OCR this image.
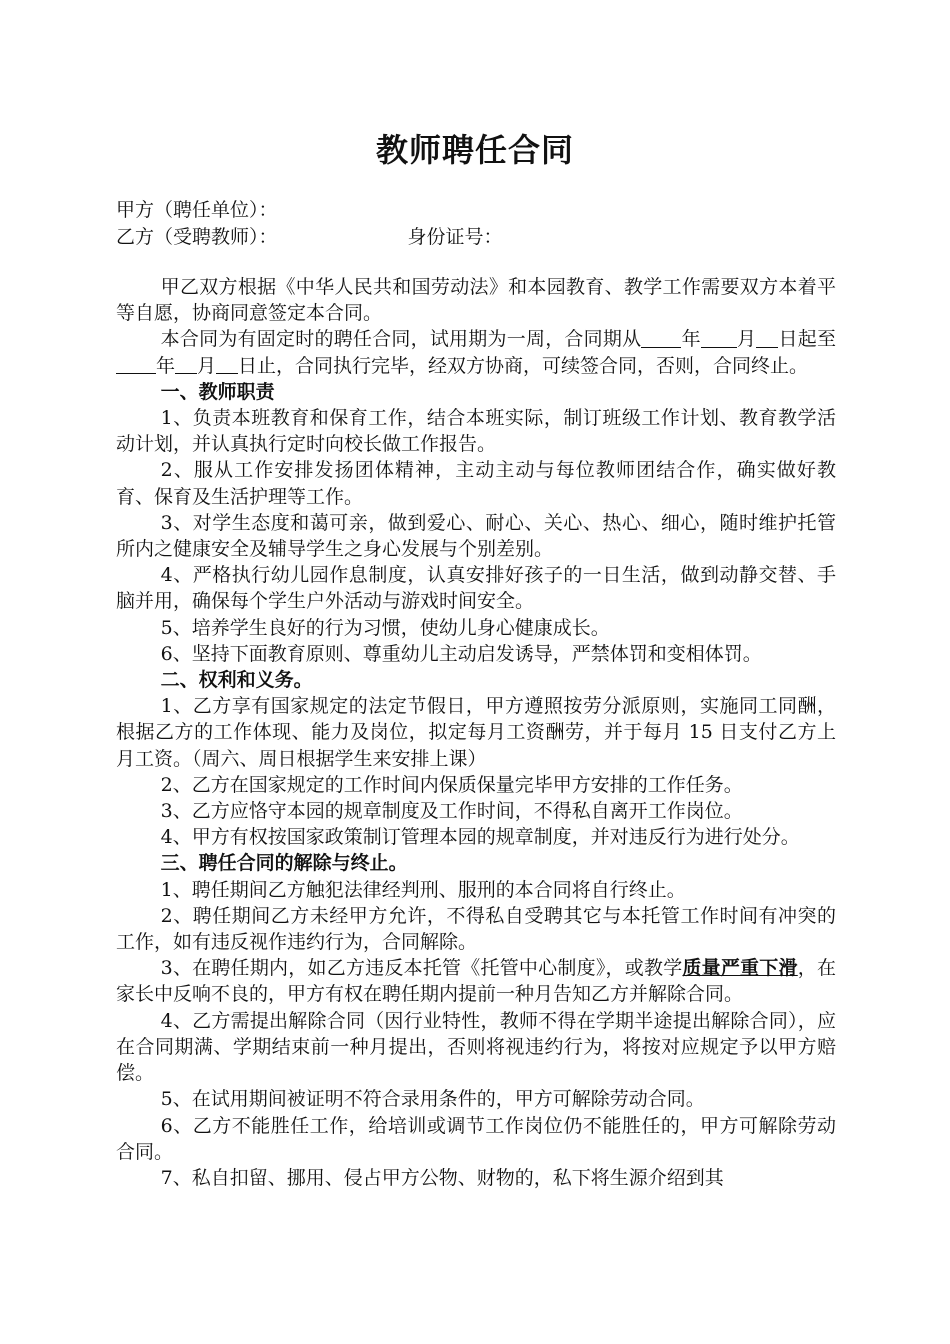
教师聘任合同
甲方（聘任单位）：
乙方（受聘教师）：	身份证号：

甲乙双方根据《中华人民共和国劳动法》和本园教育、教学工作需要双方本着平等自愿，协商同意签定本合同。

本合同为有固定时的聘任合同，试用期为一周，合同期从 年 月 日起至年 月 日止，合同执行完毕，经双方协商，可续签合同，否则，合同终止。

一、教师职责

1、负责本班教育和保育工作，结合本班实际，制订班级工作计划、教育教学活动计划，并认真执行定时向校长做工作报告。

2、服从工作安排发扬团体精神，主动主动与每位教师团结合作，确实做好教育、保育及生活护理等工作。

3、对学生态度和蔼可亲，做到爱心、耐心、关心、热心、细心，随时维护托管所内之健康安全及辅导学生之身心发展与个别差别。

4、严格执行幼儿园作息制度，认真安排好孩子的一日生活，做到动静交替、手脑并用，确保每个学生户外活动与游戏时间安全。

5、培养学生良好的行为习惯，使幼儿身心健康成长。

6、坚持下面教育原则、尊重幼儿主动启发诱导，严禁体罚和变相体罚。

二、权利和义务。

1、乙方享有国家规定的法定节假日，甲方遵照按劳分派原则，实施同工同酬，根据乙方的工作体现、能力及岗位，拟定每月工资酬劳，并于每月 15 日支付乙方上月工资。（周六、周日根据学生来安排上课）

2、乙方在国家规定的工作时间内保质保量完毕甲方安排的工作任务。

3、乙方应恪守本园的规章制度及工作时间，不得私自离开工作岗位。

4、甲方有权按国家政策制订管理本园的规章制度，并对违反行为进行处分。

三、聘任合同的解除与终止。

1、聘任期间乙方触犯法律经判刑、服刑的本合同将自行终止。

2、聘任期间乙方未经甲方允许，不得私自受聘其它与本托管工作时间有冲突的工作，如有违反视作违约行为，合同解除。

3、在聘任期内，如乙方违反本托管《托管中心制度》，或教学质量严重下滑，在家长中反响不良的，甲方有权在聘任期内提前一种月告知乙方并解除合同。

4、乙方需提出解除合同（因行业特性，教师不得在学期半途提出解除合同），应在合同期满、学期结束前一种月提出，否则将视违约行为，将按对应规定予以甲方赔偿。

5、在试用期间被证明不符合录用条件的，甲方可解除劳动合同。

6、乙方不能胜任工作，给培训或调节工作岗位仍不能胜任的，甲方可解除劳动合同。

7、私自扣留、挪用、侵占甲方公物、财物的，私下将生源介绍到其
